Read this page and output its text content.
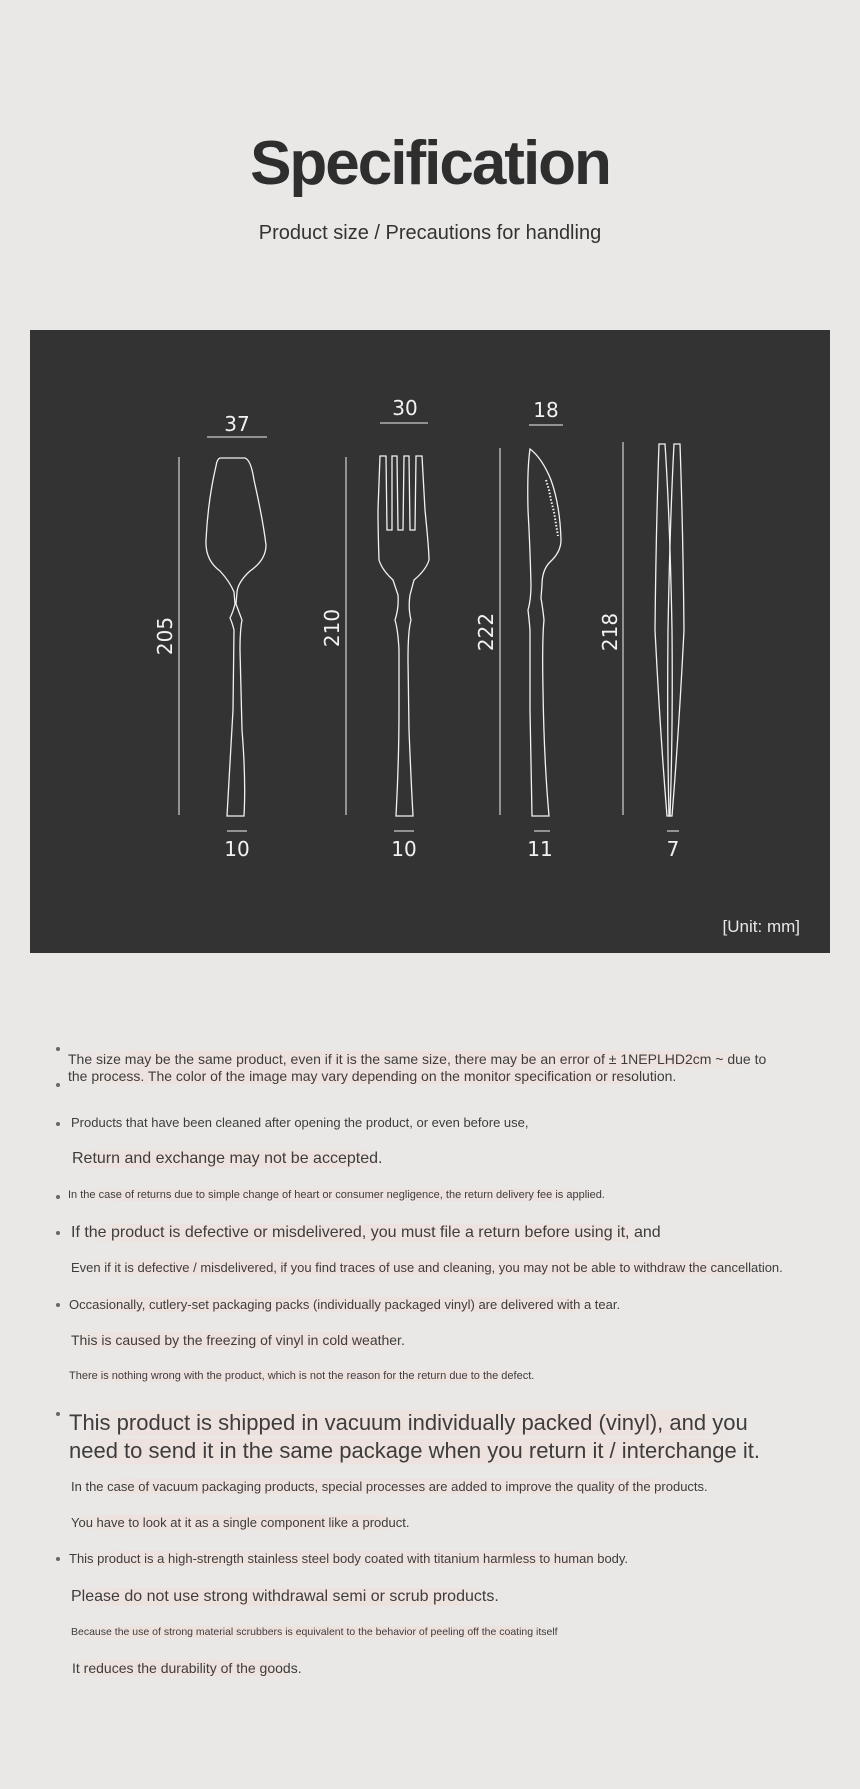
Specification
Product size / Precautions for handling
37
30	18
205	210	222	218
10	10	11	7
[Unit: mm]

The size may be the same product, even if it is the same size, there may be an error of ± 1NEPLHD2cm ~ due to

the process. The color of the image may vary depending on the monitor specification or resolution.

Products that have been cleaned after opening the product, or even before use,

Return and exchange may not be accepted.

In the case of returns due to simple change of heart or consumer negligence, the return delivery fee is applied.

If the product is defective or misdelivered, you must file a return before using it, and

Even if it is defective / misdelivered, if you find traces of use and cleaning, you may not be able to withdraw the cancellation.

Occasionally, cutlery-set packaging packs (individually packaged vinyl) are delivered with a tear.

This is caused by the freezing of vinyl in cold weather.

There is nothing wrong with the product, which is not the reason for the return due to the defect.

This product is shipped in vacuum individually packed (vinyl), and you

need to send it in the same package when you return it / interchange it.

In the case of vacuum packaging products, special processes are added to improve the quality of the products.

You have to look at it as a single component like a product.

This product is a high-strength stainless steel body coated with titanium harmless to human body.

Please do not use strong withdrawal semi or scrub products.

Because the use of strong material scrubbers is equivalent to the behavior of peeling off the coating itself

It reduces the durability of the goods.
